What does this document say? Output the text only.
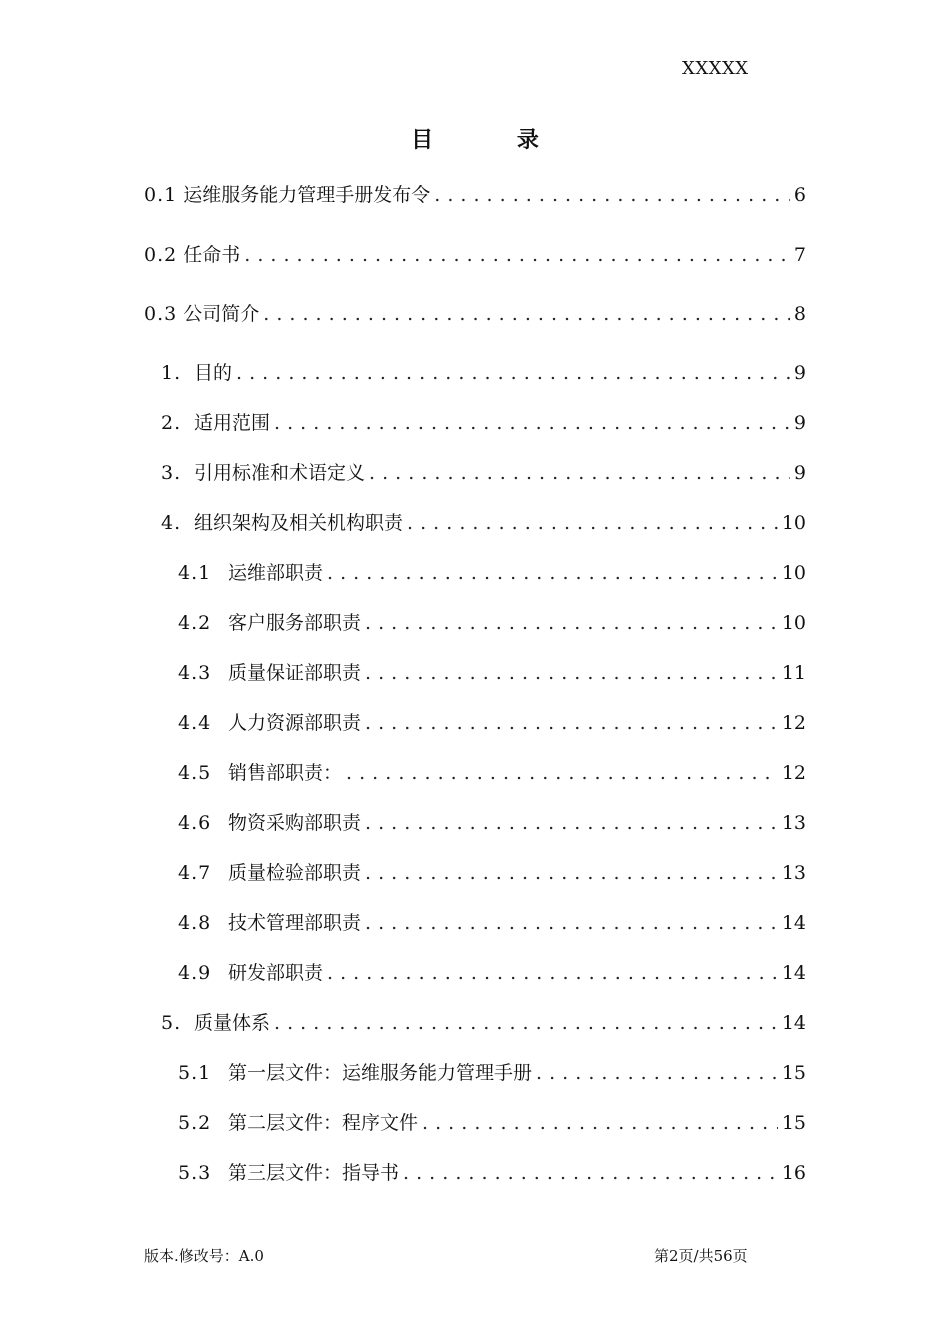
XXXXX
目 录
0.1 运维服务能力管理手册发布令 . . .	6
0.2 任命书 . . .	7
0.3 公司简介 . . .	8
1. 目的 . . .	9
2. 适用范围 . . .	9
3. 引用标准和术语定义 . . .	9
4. 组织架构及相关机构职责 . . .	10
4.1 运维部职责 . . .	10
4.2 客户服务部职责 . . .	10
4.3 质量保证部职责 . . .	11
4.4 人力资源部职责 . . .	12
4.5 销售部职责： . . .	12
4.6 物资采购部职责 . . .	13
4.7 质量检验部职责 . . .	13
4.8 技术管理部职责 . . .	14
4.9 研发部职责 . . .	14
5. 质量体系 . . .	14
5.1 第一层文件：运维服务能力管理手册 . . .	15
5.2 第二层文件：程序文件 . . .	15
5.3 第三层文件：指导书 . . .	16
版本.修改号：A.0	第2页/共56页
